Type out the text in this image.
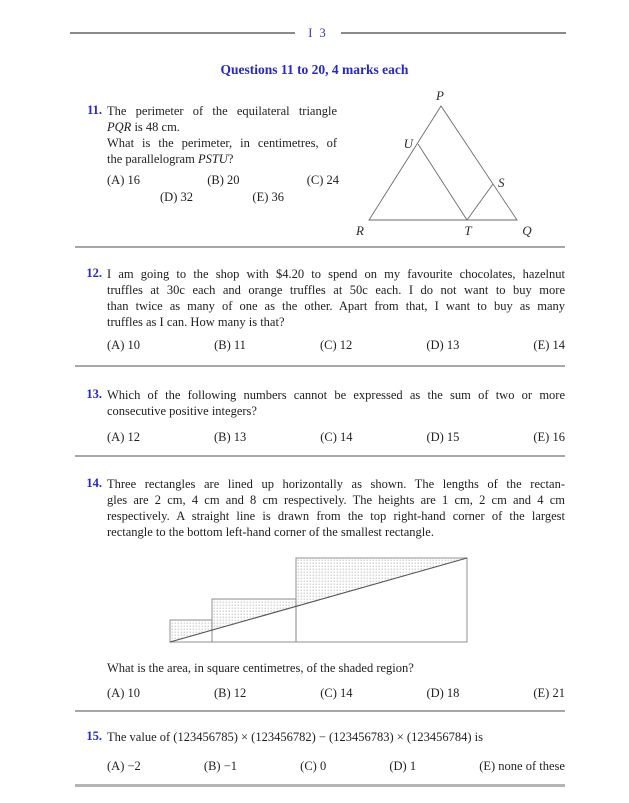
I 3
Questions 11 to 20, 4 marks each
11. The perimeter of the equilateral triangle
PQR is 48 cm.
What is the perimeter, in centimetres, of
the parallelogram PSTU?
(A) 16	(B) 20	(C) 24
(D) 32	(E) 36
P
U
S
R	T	Q
12. I am going to the shop with $4.20 to spend on my favourite chocolates, hazelnut
truffles at 30c each and orange truffles at 50c each. I do not want to buy more
than twice as many of one as the other. Apart from that, I want to buy as many
truffles as I can. How many is that?
(A) 10	(B) 11	(C) 12	(D) 13	(E) 14
13. Which of the following numbers cannot be expressed as the sum of two or more
consecutive positive integers?
(A) 12	(B) 13	(C) 14	(D) 15	(E) 16
14. Three rectangles are lined up horizontally as shown. The lengths of the rectan-
gles are 2 cm, 4 cm and 8 cm respectively. The heights are 1 cm, 2 cm and 4 cm
respectively. A straight line is drawn from the top right-hand corner of the largest
rectangle to the bottom left-hand corner of the smallest rectangle.
What is the area, in square centimetres, of the shaded region?
(A) 10	(B) 12	(C) 14	(D) 18	(E) 21
15. The value of (123456785) × (123456782) − (123456783) × (123456784) is
(A) −2	(B) −1	(C) 0	(D) 1	(E) none of these
